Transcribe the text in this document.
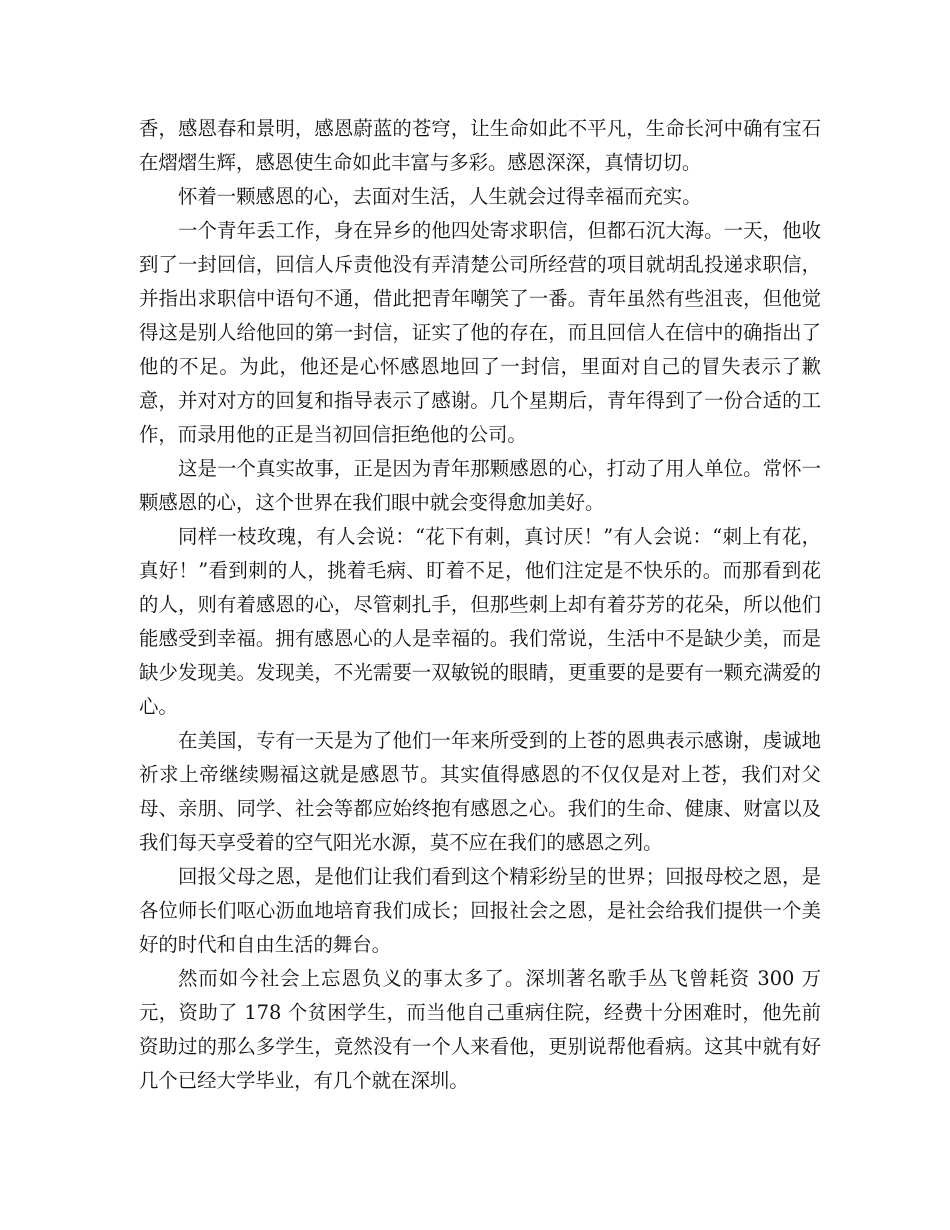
香，感恩春和景明，感恩蔚蓝的苍穹，让生命如此不平凡，生命长河中确有宝石在熠熠生辉，感恩使生命如此丰富与多彩。感恩深深，真情切切。

怀着一颗感恩的心，去面对生活，人生就会过得幸福而充实。

一个青年丢工作，身在异乡的他四处寄求职信，但都石沉大海。一天，他收到了一封回信，回信人斥责他没有弄清楚公司所经营的项目就胡乱投递求职信，并指出求职信中语句不通，借此把青年嘲笑了一番。青年虽然有些沮丧，但他觉得这是别人给他回的第一封信，证实了他的存在，而且回信人在信中的确指出了他的不足。为此，他还是心怀感恩地回了一封信，里面对自己的冒失表示了歉意，并对对方的回复和指导表示了感谢。几个星期后，青年得到了一份合适的工作，而录用他的正是当初回信拒绝他的公司。

这是一个真实故事，正是因为青年那颗感恩的心，打动了用人单位。常怀一颗感恩的心，这个世界在我们眼中就会变得愈加美好。

同样一枝玫瑰，有人会说：“花下有刺，真讨厌！”有人会说：“刺上有花，真好！”看到刺的人，挑着毛病、盯着不足，他们注定是不快乐的。而那看到花的人，则有着感恩的心，尽管刺扎手，但那些刺上却有着芬芳的花朵，所以他们能感受到幸福。拥有感恩心的人是幸福的。我们常说，生活中不是缺少美，而是缺少发现美。发现美，不光需要一双敏锐的眼睛，更重要的是要有一颗充满爱的心。

在美国，专有一天是为了他们一年来所受到的上苍的恩典表示感谢，虔诚地祈求上帝继续赐福这就是感恩节。其实值得感恩的不仅仅是对上苍，我们对父母、亲朋、同学、社会等都应始终抱有感恩之心。我们的生命、健康、财富以及我们每天享受着的空气阳光水源，莫不应在我们的感恩之列。

回报父母之恩，是他们让我们看到这个精彩纷呈的世界；回报母校之恩，是各位师长们呕心沥血地培育我们成长；回报社会之恩，是社会给我们提供一个美好的时代和自由生活的舞台。

然而如今社会上忘恩负义的事太多了。深圳著名歌手丛飞曾耗资 300 万元，资助了 178 个贫困学生，而当他自己重病住院，经费十分困难时，他先前资助过的那么多学生，竟然没有一个人来看他，更别说帮他看病。这其中就有好几个已经大学毕业，有几个就在深圳。
